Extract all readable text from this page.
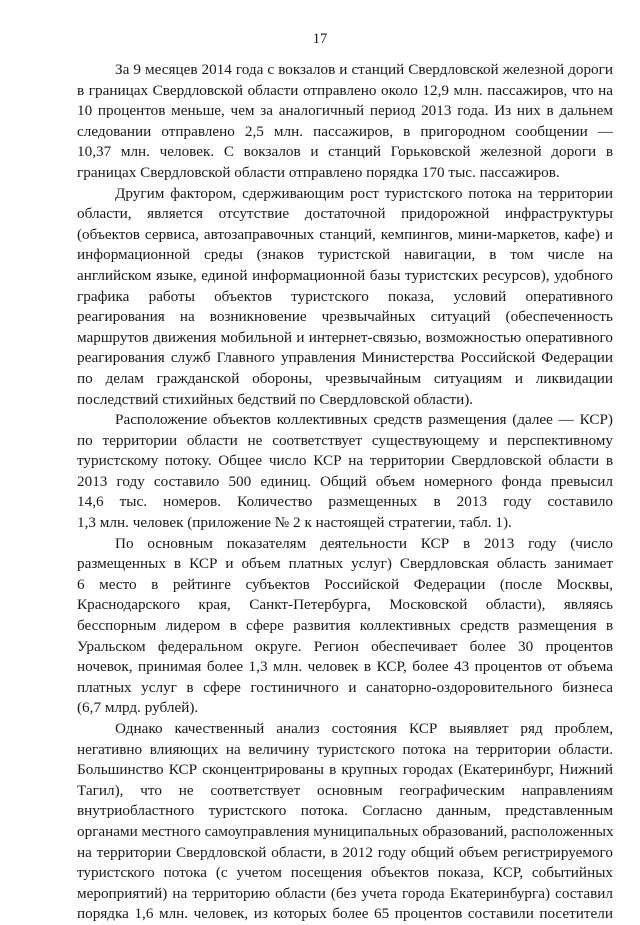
17

За 9 месяцев 2014 года с вокзалов и станций Свердловской железной дороги
в границах Свердловской области отправлено около 12,9 млн. пассажиров, что на
10 процентов меньше, чем за аналогичный период 2013 года. Из них в дальнем
следовании отправлено 2,5 млн. пассажиров, в пригородном сообщении —
10,37 млн. человек. С вокзалов и станций Горьковской железной дороги в
границах Свердловской области отправлено порядка 170 тыс. пассажиров.

Другим фактором, сдерживающим рост туристского потока на территории
области, является отсутствие достаточной придорожной инфраструктуры
(объектов сервиса, автозаправочных станций, кемпингов, мини-маркетов, кафе) и
информационной среды (знаков туристской навигации, в том числе на
английском языке, единой информационной базы туристских ресурсов), удобного
графика работы объектов туристского показа, условий оперативного
реагирования на возникновение чрезвычайных ситуаций (обеспеченность
маршрутов движения мобильной и интернет-связью, возможностью оперативного
реагирования служб Главного управления Министерства Российской Федерации
по делам гражданской обороны, чрезвычайным ситуациям и ликвидации
последствий стихийных бедствий по Свердловской области).

Расположение объектов коллективных средств размещения (далее — КСР)
по территории области не соответствует существующему и перспективному
туристскому потоку. Общее число КСР на территории Свердловской области в
2013 году составило 500 единиц. Общий объем номерного фонда превысил
14,6 тыс. номеров. Количество размещенных в 2013 году составило
1,3 млн. человек (приложение № 2 к настоящей стратегии, табл. 1).

По основным показателям деятельности КСР в 2013 году (число
размещенных в КСР и объем платных услуг) Свердловская область занимает
6 место в рейтинге субъектов Российской Федерации (после Москвы,
Краснодарского края, Санкт-Петербурга, Московской области), являясь
бесспорным лидером в сфере развития коллективных средств размещения в
Уральском федеральном округе. Регион обеспечивает более 30 процентов
ночевок, принимая более 1,3 млн. человек в КСР, более 43 процентов от объема
платных услуг в сфере гостиничного и санаторно-оздоровительного бизнеса
(6,7 млрд. рублей).

Однако качественный анализ состояния КСР выявляет ряд проблем,
негативно влияющих на величину туристского потока на территории области.
Большинство КСР сконцентрированы в крупных городах (Екатеринбург, Нижний
Тагил), что не соответствует основным географическим направлениям
внутриобластного туристского потока. Согласно данным, представленным
органами местного самоуправления муниципальных образований, расположенных
на территории Свердловской области, в 2012 году общий объем регистрируемого
туристского потока (с учетом посещения объектов показа, КСР, событийных
мероприятий) на территорию области (без учета города Екатеринбурга) составил
порядка 1,6 млн. человек, из которых более 65 процентов составили посетители
